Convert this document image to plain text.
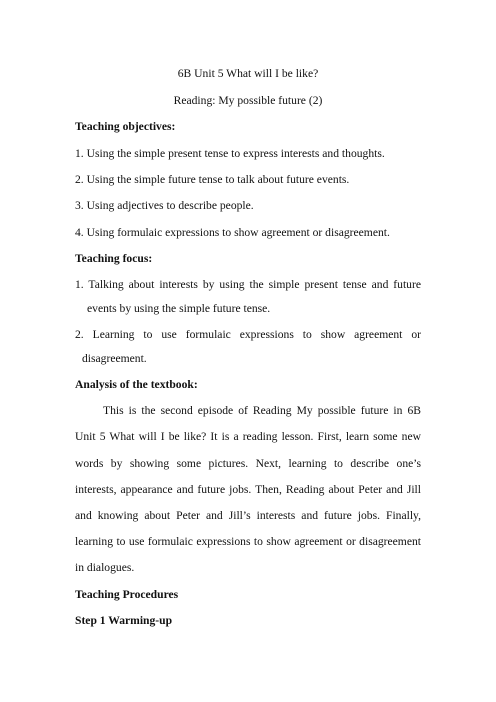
6B Unit 5 What will I be like?
Reading: My possible future (2)
Teaching objectives:
1. Using the simple present tense to express interests and thoughts.
2. Using the simple future tense to talk about future events.
3. Using adjectives to describe people.
4. Using formulaic expressions to show agreement or disagreement.
Teaching focus:
1. Talking about interests by using the simple present tense and future
events by using the simple future tense.
2. Learning to use formulaic expressions to show agreement or
disagreement.
Analysis of the textbook:
This is the second episode of Reading My possible future in 6B
Unit 5 What will I be like? It is a reading lesson. First, learn some new
words by showing some pictures. Next, learning to describe one’s
interests, appearance and future jobs. Then, Reading about Peter and Jill
and knowing about Peter and Jill’s interests and future jobs. Finally,
learning to use formulaic expressions to show agreement or disagreement
in dialogues.
Teaching Procedures
Step 1 Warming-up
